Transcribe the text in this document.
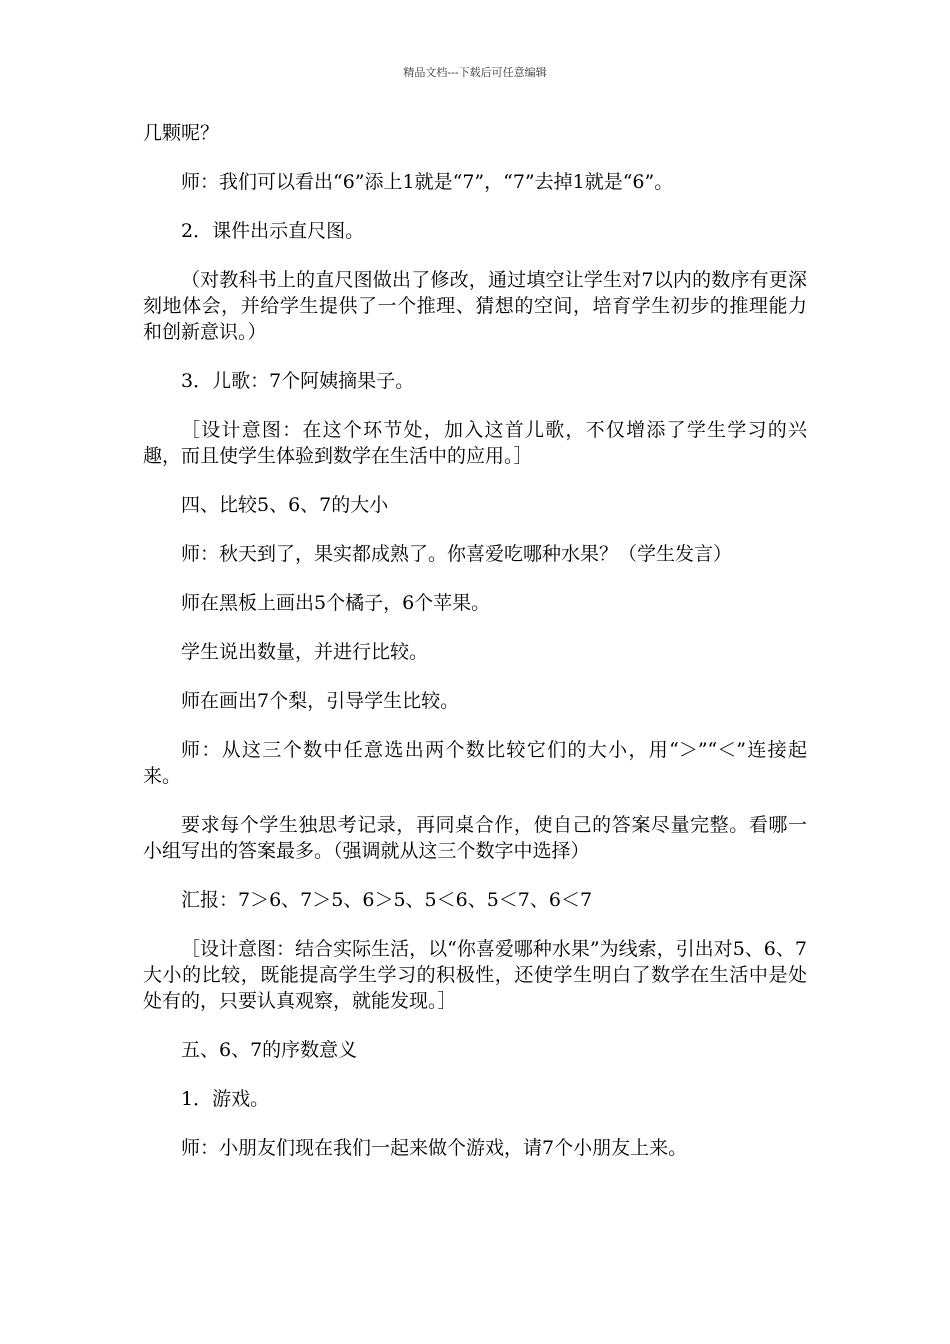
精品文档---下载后可任意编辑

几颗呢？

师：我们可以看出“6”添上1就是“7”，“7”去掉1就是“6”。

2．课件出示直尺图。

（对教科书上的直尺图做出了修改，通过填空让学生对7以内的数序有更深刻地体会，并给学生提供了一个推理、猜想的空间，培育学生初步的推理能力和创新意识。）

3．儿歌：7个阿姨摘果子。

［设计意图：在这个环节处，加入这首儿歌，不仅增添了学生学习的兴趣，而且使学生体验到数学在生活中的应用。］

四、比较5、6、7的大小

师：秋天到了，果实都成熟了。你喜爱吃哪种水果？（学生发言）

师在黑板上画出5个橘子，6个苹果。

学生说出数量，并进行比较。

师在画出7个梨，引导学生比较。

师：从这三个数中任意选出两个数比较它们的大小，用“＞”“＜”连接起来。

要求每个学生独思考记录，再同桌合作，使自己的答案尽量完整。看哪一小组写出的答案最多。（强调就从这三个数字中选择）

汇报：7＞6、7＞5、6＞5、5＜6、5＜7、6＜7

［设计意图：结合实际生活，以“你喜爱哪种水果”为线索，引出对5、6、7大小的比较，既能提高学生学习的积极性，还使学生明白了数学在生活中是处处有的，只要认真观察，就能发现。］

五、6、7的序数意义

1．游戏。

师：小朋友们现在我们一起来做个游戏，请7个小朋友上来。
